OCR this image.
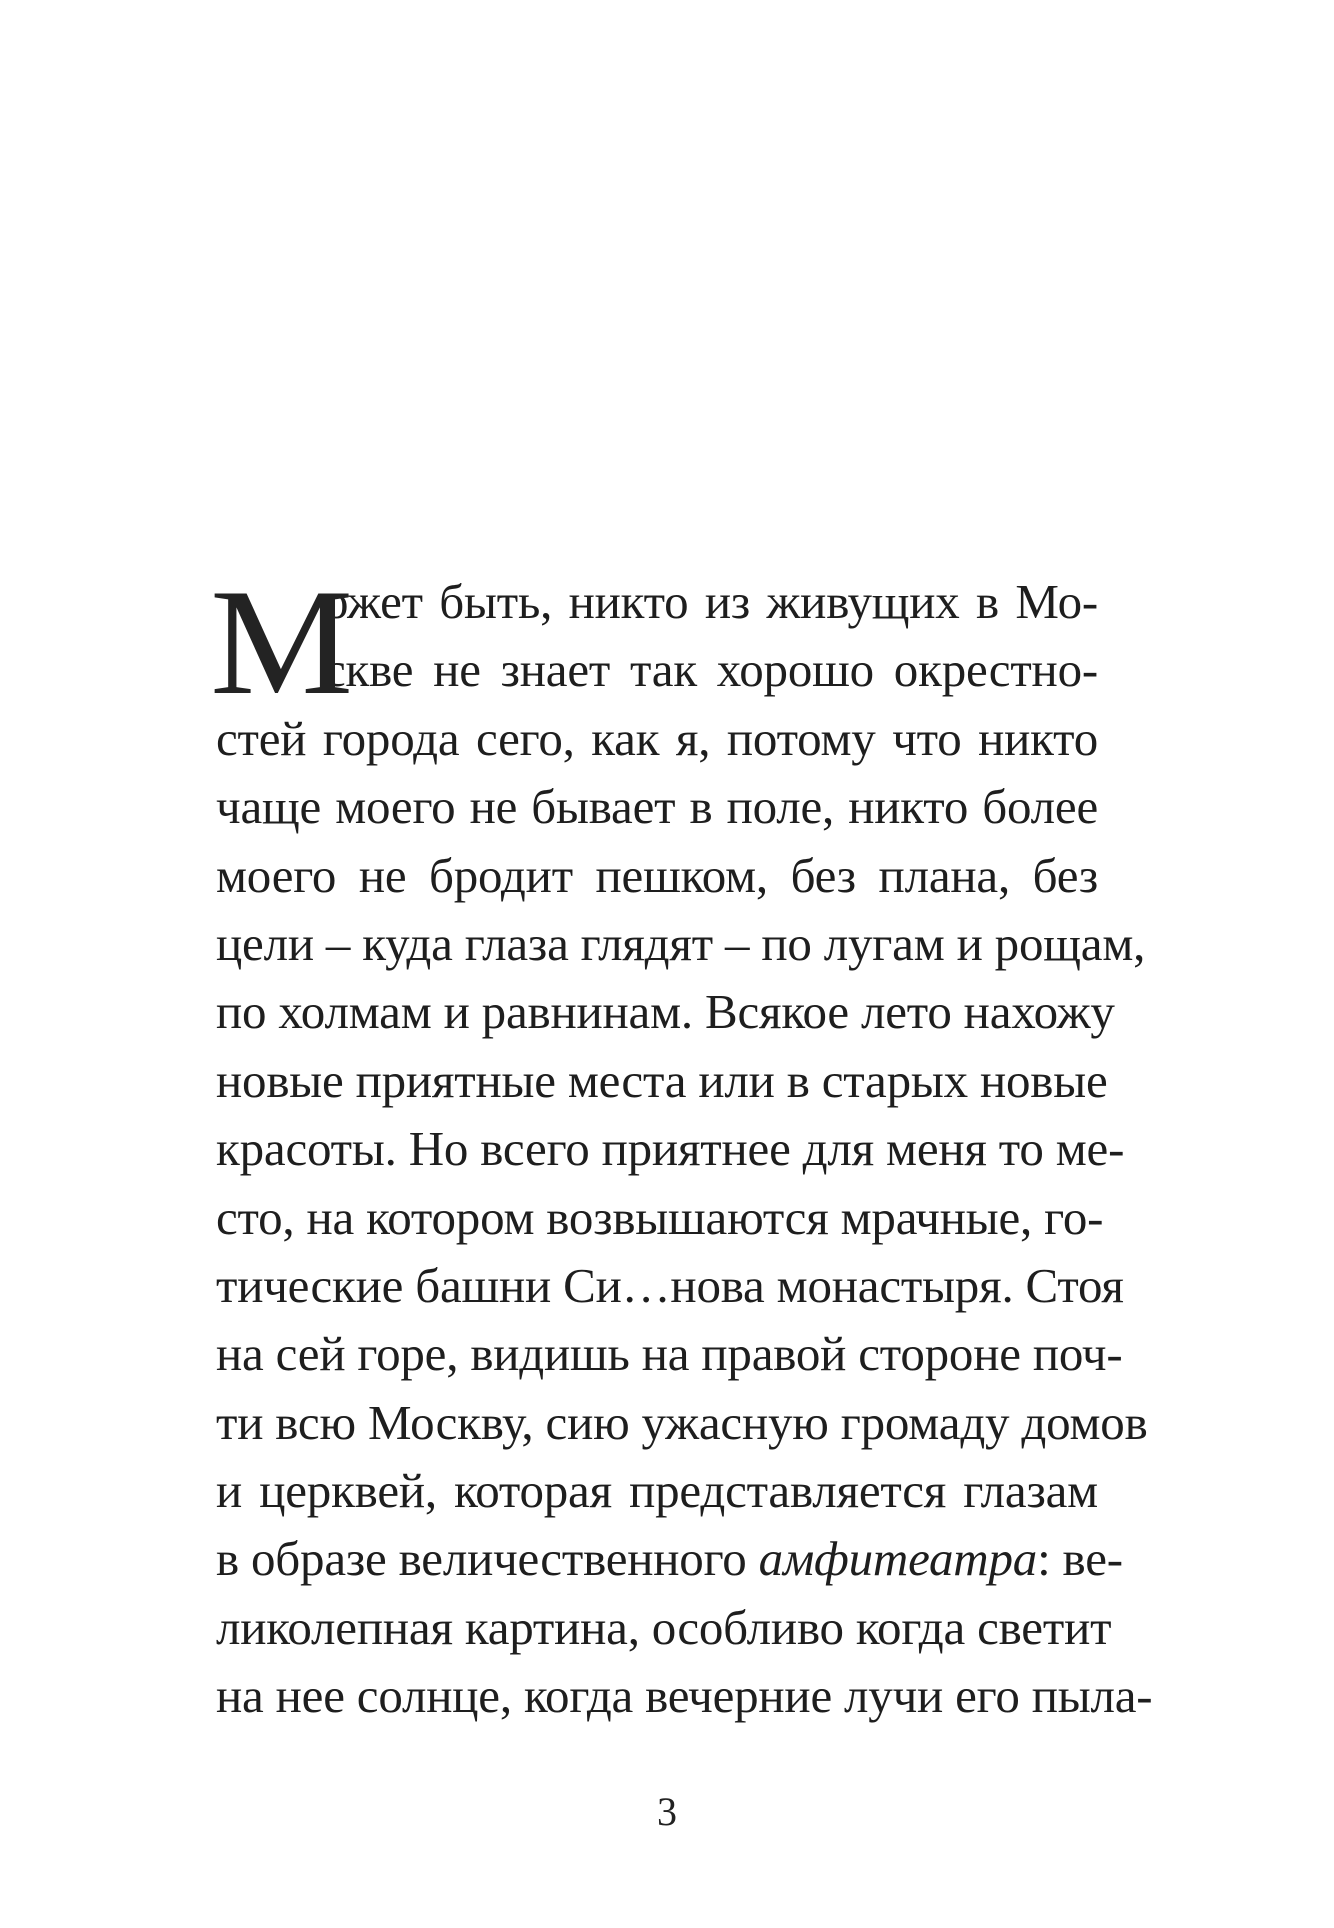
М
ожет быть, никто из живущих в Мо-
скве не знает так хорошо окрестно-
стей города сего, как я, потому что никто
чаще моего не бывает в поле, никто более
моего не бродит пешком, без плана, без
цели – куда глаза глядят – по лугам и рощам,
по холмам и равнинам. Всякое лето нахожу
новые приятные места или в старых новые
красоты. Но всего приятнее для меня то ме-
сто, на котором возвышаются мрачные, го-
тические башни Си…нова монастыря. Стоя
на сей горе, видишь на правой стороне поч-
ти всю Москву, сию ужасную громаду домов
и церквей, которая представляется глазам
в образе величественного амфитеатра: ве-
ликолепная картина, особливо когда светит
на нее солнце, когда вечерние лучи его пыла-
3
